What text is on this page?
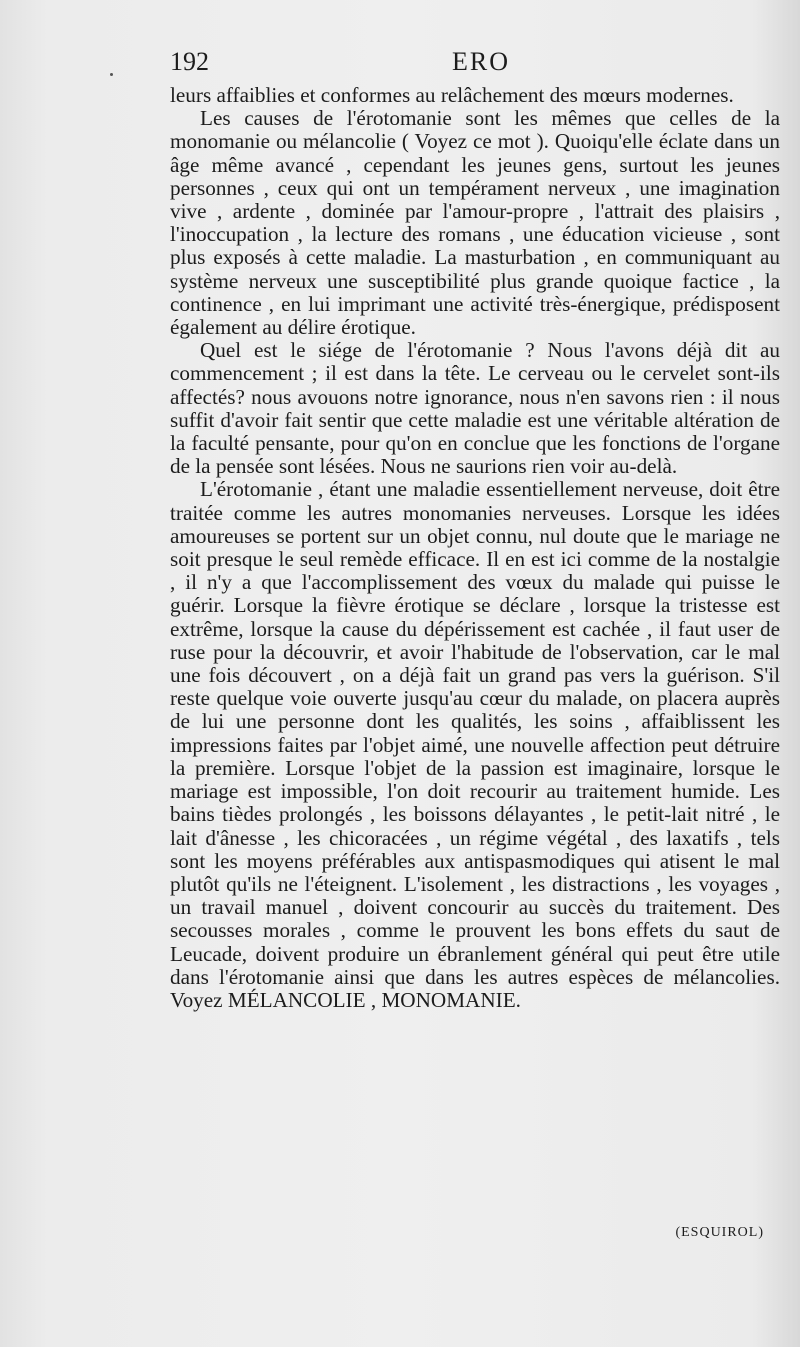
192	ERO

leurs affaiblies et conformes au relâchement des mœurs modernes.

Les causes de l'érotomanie sont les mêmes que celles de la monomanie ou mélancolie ( Voyez ce mot ). Quoiqu'elle éclate dans un âge même avancé , cependant les jeunes gens, surtout les jeunes personnes , ceux qui ont un tempérament nerveux , une imagination vive , ardente , dominée par l'amour-propre , l'attrait des plaisirs , l'inoccupation , la lecture des romans , une éducation vicieuse , sont plus exposés à cette maladie. La masturbation , en communiquant au système nerveux une susceptibilité plus grande quoique factice , la continence , en lui imprimant une activité très-énergique, prédisposent également au délire érotique.

Quel est le siége de l'érotomanie ? Nous l'avons déjà dit au commencement ; il est dans la tête. Le cerveau ou le cervelet sont-ils affectés? nous avouons notre ignorance, nous n'en savons rien : il nous suffit d'avoir fait sentir que cette maladie est une véritable altération de la faculté pensante, pour qu'on en conclue que les fonctions de l'organe de la pensée sont lésées. Nous ne saurions rien voir au-delà.

L'érotomanie , étant une maladie essentiellement nerveuse, doit être traitée comme les autres monomanies nerveuses. Lorsque les idées amoureuses se portent sur un objet connu, nul doute que le mariage ne soit presque le seul remède efficace. Il en est ici comme de la nostalgie , il n'y a que l'accomplissement des vœux du malade qui puisse le guérir. Lorsque la fièvre érotique se déclare , lorsque la tristesse est extrême, lorsque la cause du dépérissement est cachée , il faut user de ruse pour la découvrir, et avoir l'habitude de l'observation, car le mal une fois découvert , on a déjà fait un grand pas vers la guérison. S'il reste quelque voie ouverte jusqu'au cœur du malade, on placera auprès de lui une personne dont les qualités, les soins , affaiblissent les impressions faites par l'objet aimé, une nouvelle affection peut détruire la première. Lorsque l'objet de la passion est imaginaire, lorsque le mariage est impossible, l'on doit recourir au traitement humide. Les bains tièdes prolongés , les boissons délayantes , le petit-lait nitré , le lait d'ânesse , les chicoracées , un régime végétal , des laxatifs , tels sont les moyens préférables aux antispasmodiques qui atisent le mal plutôt qu'ils ne l'éteignent. L'isolement , les distractions , les voyages , un travail manuel , doivent concourir au succès du traitement. Des secousses morales , comme le prouvent les bons effets du saut de Leucade, doivent produire un ébranlement général qui peut être utile dans l'érotomanie ainsi que dans les autres espèces de mélancolies. Voyez MÉLANCOLIE , MONOMANIE.

(ESQUIROL)
